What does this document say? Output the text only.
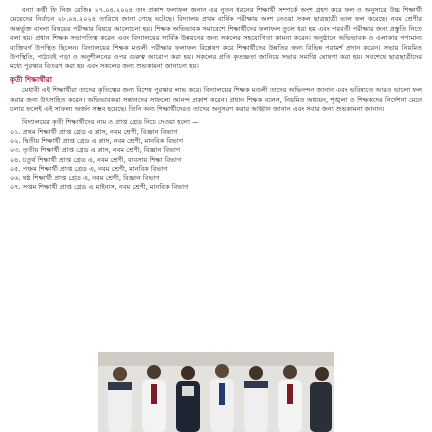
বন্যা কর্ত্তী ফি নিজ রেজিঃ ২৭.০৪.২০২৪ তাং প্রকাশ ফলাফল জনান এর নুতন ধরনের শিক্ষার্থী সম্পর্কে অংশ গ্রহণ করে ফল ও অনুসারে উচ্চ শিক্ষার্থী মেয়েদের নির্বাচন ২৮.০৪.২০২৪ তারিখে জানা গেছে ঘটেছে। বিদ্যালয় প্রথম বার্ষিক পরীক্ষায় অংশ নেওয়া সকল ছাত্রছাত্রী ভাল ফল করেছে। নবম শ্রেণীর অন্তর্ভুক্ত বাংলা বিষয়ের পরীক্ষার বিষয়ে আলোচনা হয়। শিক্ষক অভিভাবক সমাবেশে শিক্ষার্থীদের ফলাফল তুলে ধরা হয় এবং পরবর্তী পরীক্ষার জন্য প্রস্তুতি নিতে বলা হয়। প্রধান শিক্ষক সভাপতিত্ব করেন এবং বিদ্যালয়ের সার্বিক উন্নয়নের জন্য সকলের সহযোগিতা কামনা করেন। অনুষ্ঠানে অভিভাবক ও এলাকার গণ্যমান্য ব্যক্তিবর্গ উপস্থিত ছিলেন। বিদ্যালয়ের শিক্ষক মণ্ডলী পরীক্ষার ফলাফল বিশ্লেষণ করে শিক্ষার্থীদের উন্নতির জন্য বিভিন্ন পরামর্শ প্রদান করেন। সভায় নিয়মিত উপস্থিতি, পাঠ্যবই পড়া ও অনুশীলনের ওপর গুরুত্ব আরোপ করা হয়। সকলের প্রতি কৃতজ্ঞতা জানিয়ে সভার সমাপ্তি ঘোষণা করা হয়। সবশেষে ছাত্রছাত্রীদের মধ্যে পুরস্কার বিতরণ করা হয় এবং সকলের জন্য শুভকামনা জানানো হয়।

কৃতী শিক্ষার্থীরা

মেধাবী এই শিক্ষার্থীরা তাদের কৃতিত্বের জন্য বিশেষ পুরস্কার লাভ করে। বিদ্যালয়ের শিক্ষক মণ্ডলী তাদের অভিনন্দন জানান এবং ভবিষ্যতে আরও ভালো ফল করার জন্য উৎসাহিত করেন। অভিভাবকরা সন্তানদের সাফল্যে আনন্দ প্রকাশ করেন। প্রধান শিক্ষক বলেন, নিয়মিত অধ্যয়ন, শৃঙ্খলা ও শিক্ষকদের নির্দেশনা মেনে চলার ফলেই এই সাফল্য অর্জন সম্ভব হয়েছে। তিনি অন্য শিক্ষার্থীদেরও তাদের অনুসরণ করার আহ্বান জানান এবং সবার জন্য শুভকামনা জানান।

বিদ্যালয়ের কৃতী শিক্ষার্থীদের নাম ও প্রাপ্ত গ্রেড নিচে দেওয়া হলো —

০১. প্রথম শিক্ষার্থী প্রাপ্ত গ্রেড এ প্লাস, নবম শ্রেণী, বিজ্ঞান বিভাগ
০২. দ্বিতীয় শিক্ষার্থী প্রাপ্ত গ্রেড এ প্লাস, নবম শ্রেণী, মানবিক বিভাগ
০৩. তৃতীয় শিক্ষার্থী প্রাপ্ত গ্রেড এ প্লাস, নবম শ্রেণী, বিজ্ঞান বিভাগ
০৪. চতুর্থ শিক্ষার্থী প্রাপ্ত গ্রেড এ, নবম শ্রেণী, ব্যবসায় শিক্ষা বিভাগ
০৫. পঞ্চম শিক্ষার্থী প্রাপ্ত গ্রেড এ, নবম শ্রেণী, মানবিক বিভাগ
০৬. ষষ্ঠ শিক্ষার্থী প্রাপ্ত গ্রেড এ, নবম শ্রেণী, বিজ্ঞান বিভাগ
০৭. সপ্তম শিক্ষার্থী প্রাপ্ত গ্রেড এ মাইনাস, নবম শ্রেণী, মানবিক বিভাগ
